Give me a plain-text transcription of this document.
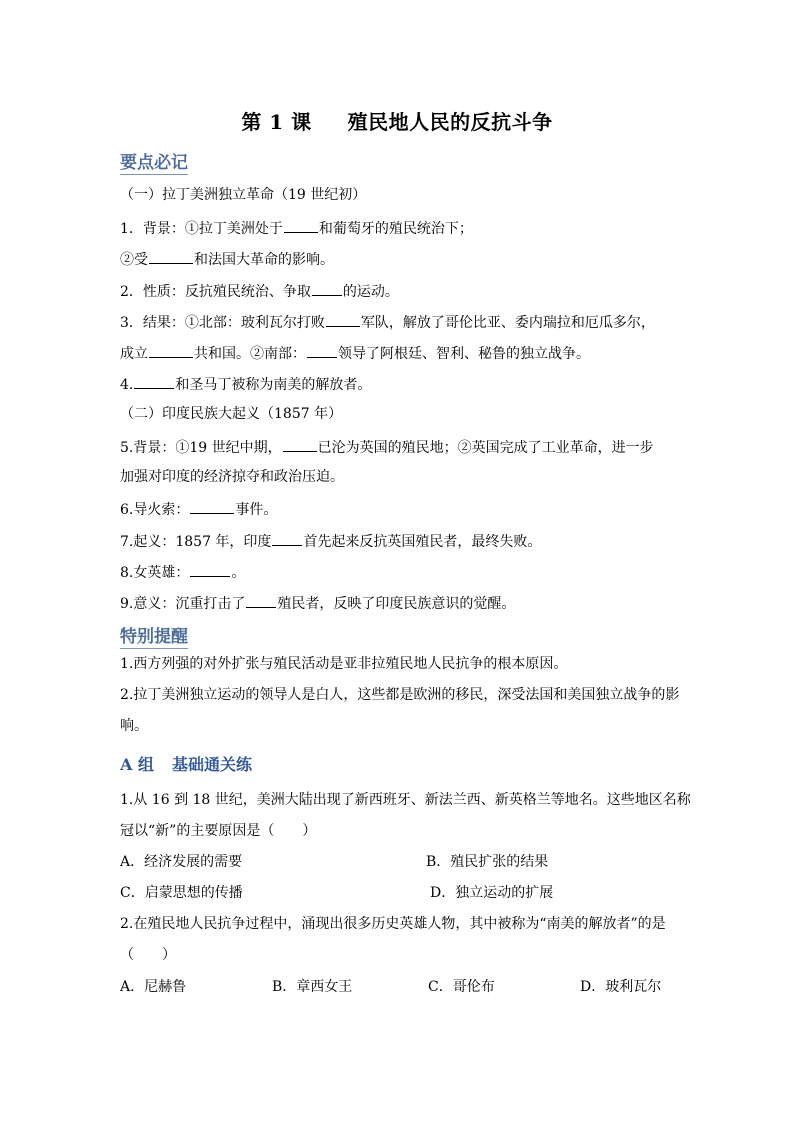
第 1 课 殖民地人民的反抗斗争
要点必记
（一）拉丁美洲独立革命（19 世纪初）
1．背景：①拉丁美洲处于	和葡萄牙的殖民统治下；
②受	和法国大革命的影响。
2．性质：反抗殖民统治、争取 的运动。
3．结果：①北部：玻利瓦尔打败	军队，解放了哥伦比亚、委内瑞拉和厄瓜多尔，
成立	共和国。②南部： 领导了阿根廷、智利、秘鲁的独立战争。
4.	和圣马丁被称为南美的解放者。
（二）印度民族大起义（1857 年）
5.背景：①19 世纪中期，	已沦为英国的殖民地；②英国完成了工业革命，进一步
加强对印度的经济掠夺和政治压迫。
6.导火索：	事件。
7.起义：1857 年，印度 首先起来反抗英国殖民者，最终失败。
8.女英雄：	。
9.意义：沉重打击了 殖民者，反映了印度民族意识的觉醒。
特别提醒
1.西方列强的对外扩张与殖民活动是亚非拉殖民地人民抗争的根本原因。
2.拉丁美洲独立运动的领导人是白人，这些都是欧洲的移民，深受法国和美国独立战争的影
响。
A 组 基础通关练
1.从 16 到 18 世纪，美洲大陆出现了新西班牙、新法兰西、新英格兰等地名。这些地区名称
冠以“新”的主要原因是（　　）
A．经济发展的需要	B．殖民扩张的结果
C．启蒙思想的传播	D．独立运动的扩展
2.在殖民地人民抗争过程中，涌现出很多历史英雄人物，其中被称为“南美的解放者”的是
（　　）
A．尼赫鲁	B．章西女王	C．哥伦布	D．玻利瓦尔
